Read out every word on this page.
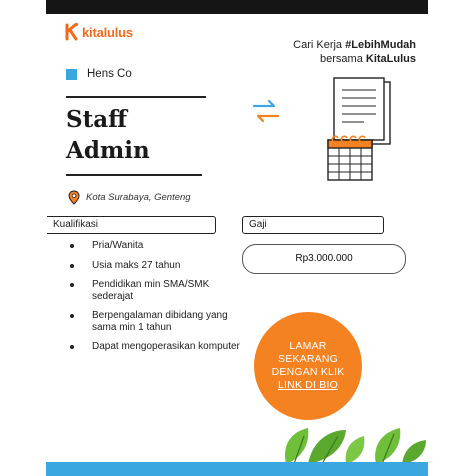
kitalulus
Cari Kerja #LebihMudah
bersama KitaLulus
Hens Co
Staff
Admin
Kota Surabaya, Genteng
Kualifikasi	Gaji
Pria/Wanita
Usia maks 27 tahun
Pendidikan min SMA/SMK sederajat
Berpengalaman dibidang yang sama min 1 tahun
Dapat mengoperasikan komputer
Rp3.000.000
LAMAR
SEKARANG
DENGAN KLIK
LINK DI BIO
